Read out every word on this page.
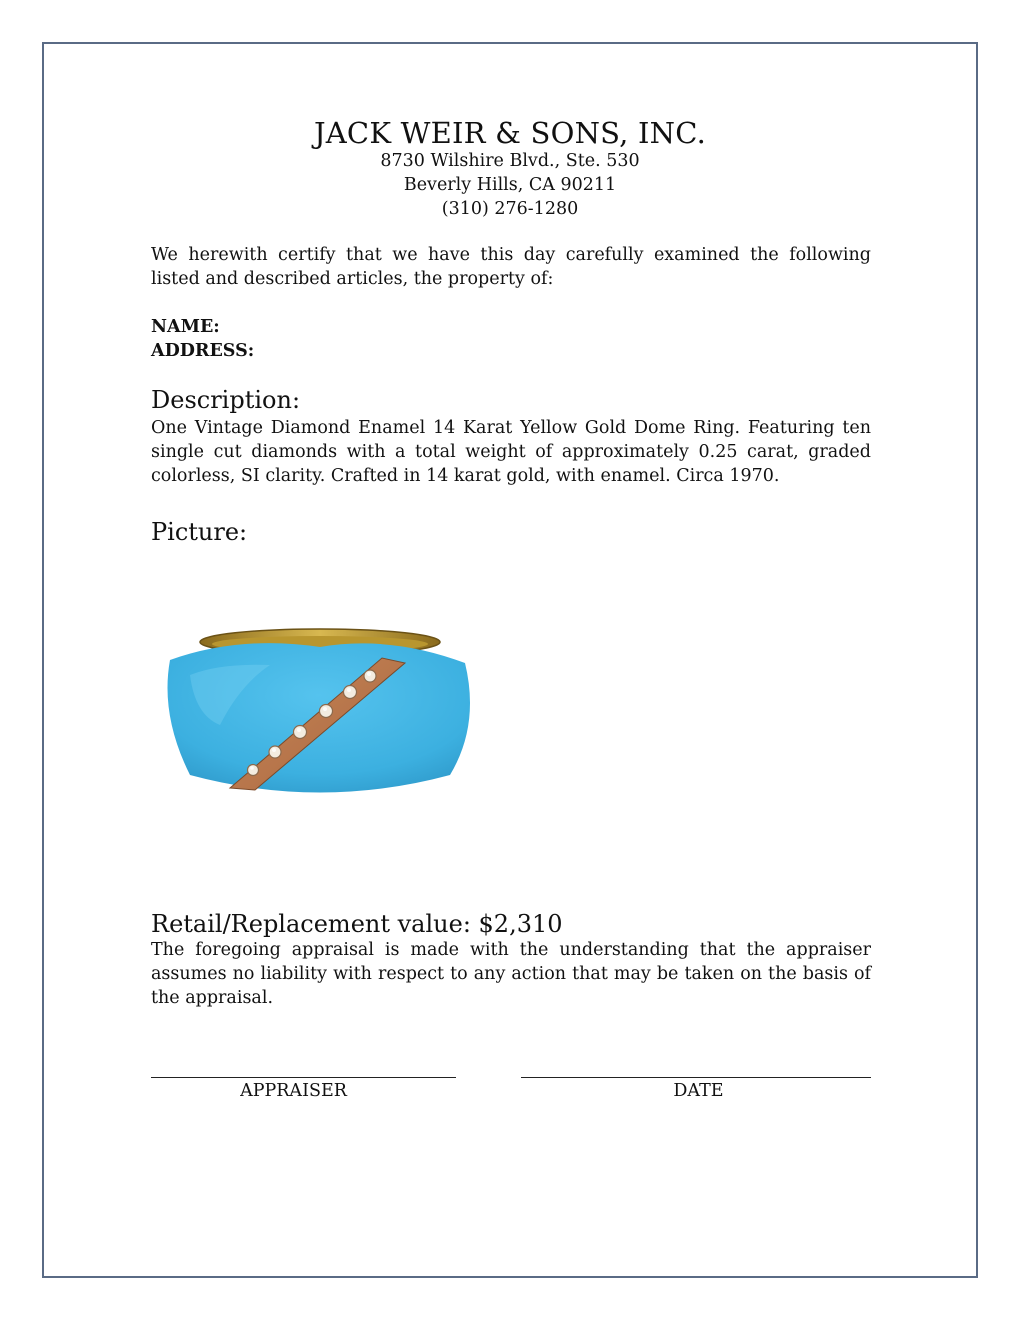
JACK WEIR & SONS, INC.
8730 Wilshire Blvd., Ste. 530
Beverly Hills, CA 90211
(310) 276-1280

We herewith certify that we have this day carefully examined the following listed and described articles, the property of:

NAME:
ADDRESS:
Description:

One Vintage Diamond Enamel 14 Karat Yellow Gold Dome Ring. Featuring ten single cut diamonds with a total weight of approximately 0.25 carat, graded colorless, SI clarity. Crafted in 14 karat gold, with enamel. Circa 1970.

Picture:
Retail/Replacement value: $2,310

The foregoing appraisal is made with the understanding that the appraiser assumes no liability with respect to any action that may be taken on the basis of the appraisal.

APPRAISER	DATE
